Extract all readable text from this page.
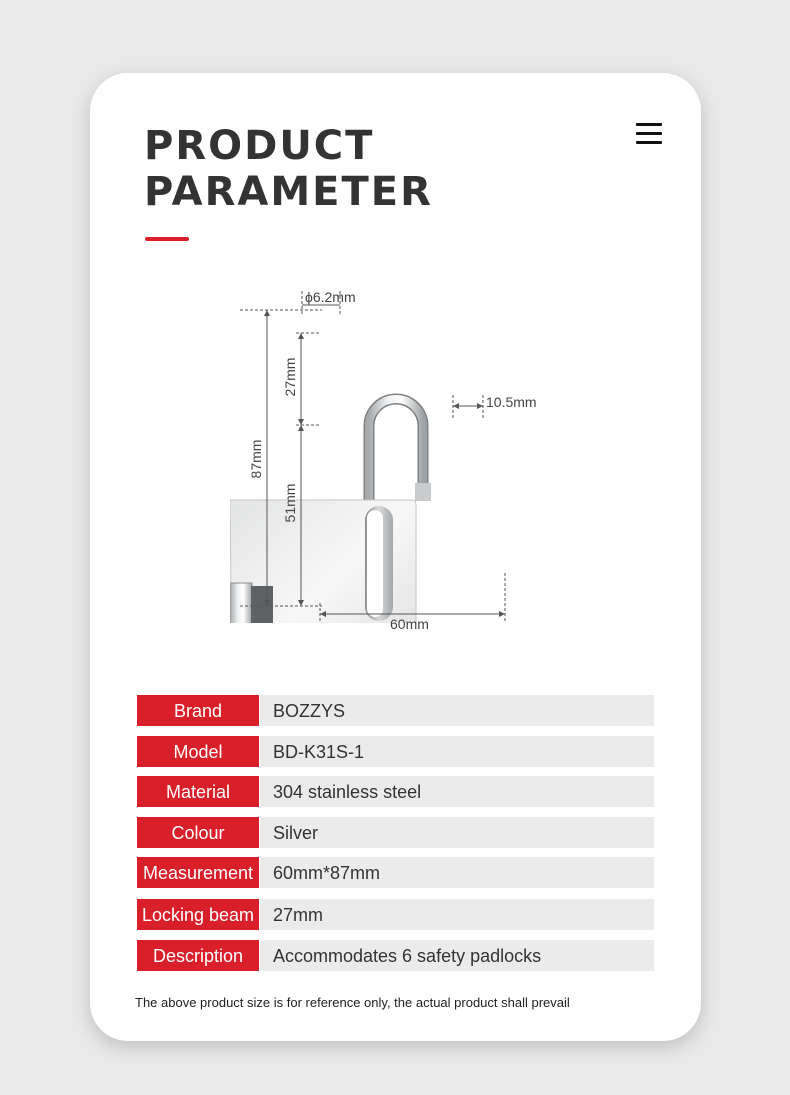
PRODUCT
PARAMETER
ϕ6.2mm
10.5mm
60mm
87mm
27mm
51mm
Brand	BOZZYS
Model	BD-K31S-1
Material	304 stainless steel
Colour	Silver
Measurement	60mm*87mm
Locking beam	27mm
Description	Accommodates 6 safety padlocks

The above product size is for reference only, the actual product shall prevail
